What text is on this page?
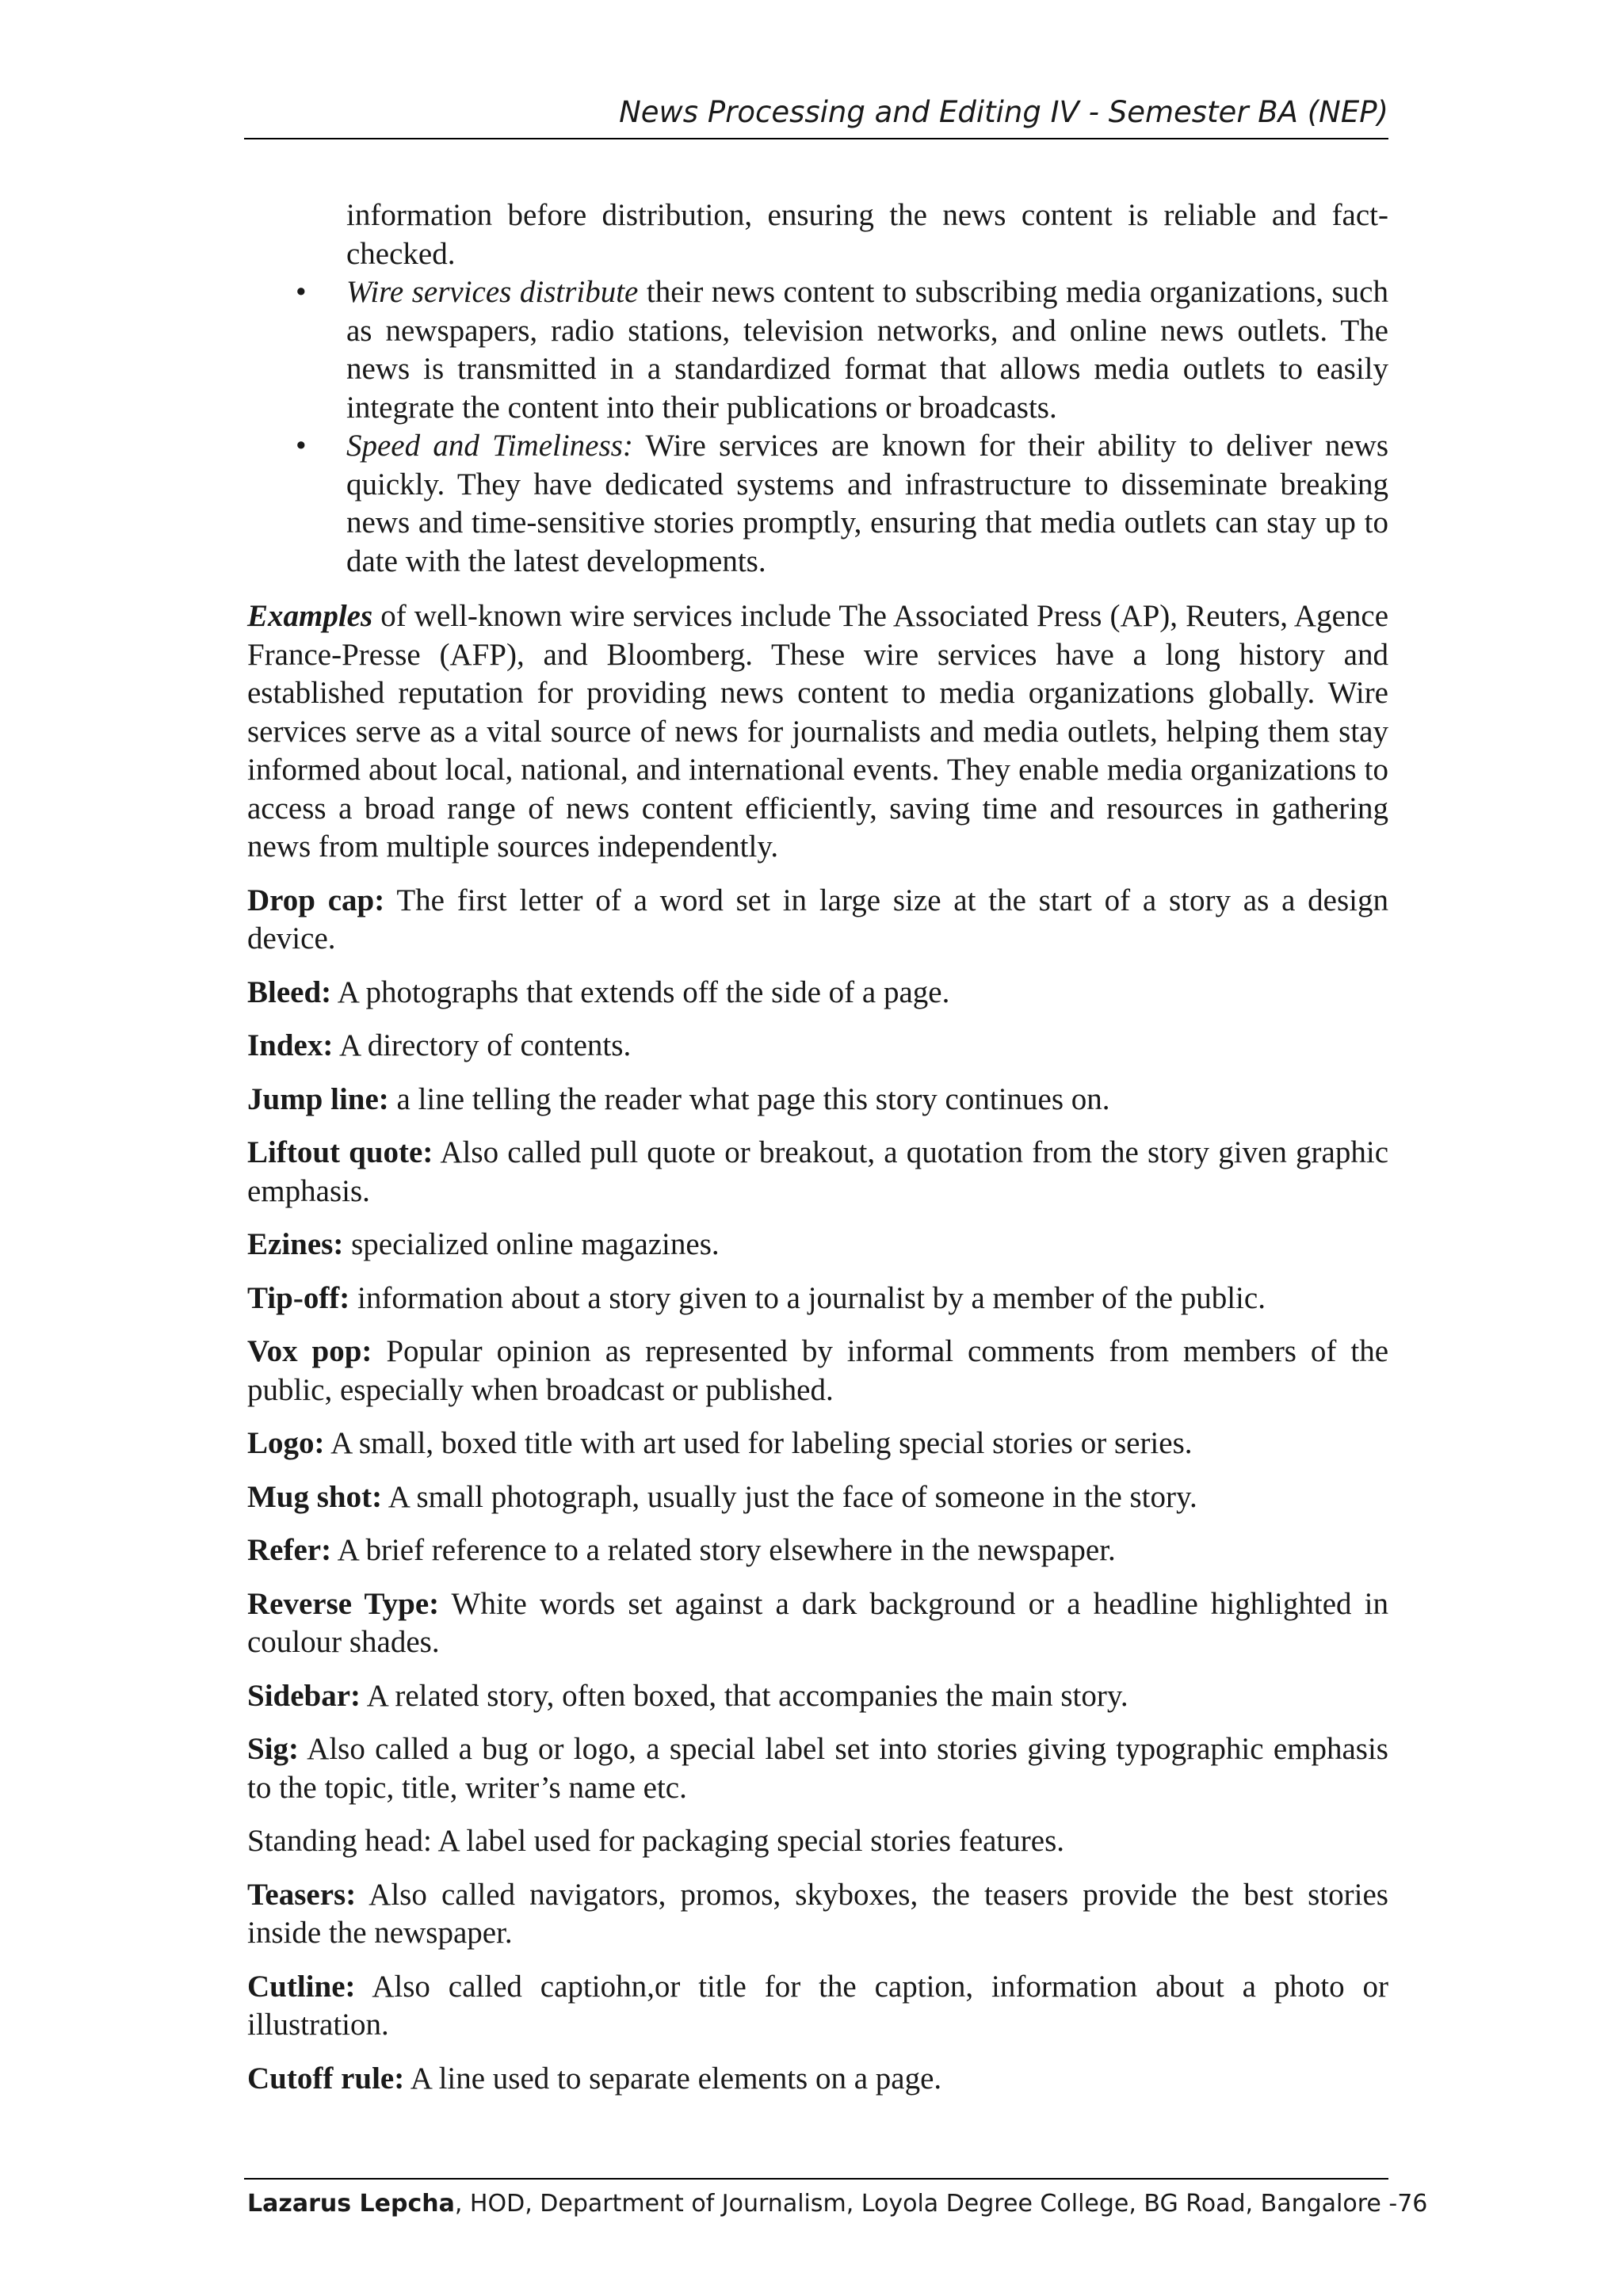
News Processing and Editing IV - Semester BA (NEP)

information before distribution, ensuring the news content is reliable and fact-checked.

• Wire services distribute their news content to subscribing media organizations, such as newspapers, radio stations, television networks, and online news outlets. The news is transmitted in a standardized format that allows media outlets to easily integrate the content into their publications or broadcasts.
• Speed and Timeliness: Wire services are known for their ability to deliver news quickly. They have dedicated systems and infrastructure to disseminate breaking news and time-sensitive stories promptly, ensuring that media outlets can stay up to date with the latest developments.

Examples of well-known wire services include The Associated Press (AP), Reuters, Agence France-Presse (AFP), and Bloomberg. These wire services have a long history and established reputation for providing news content to media organizations globally. Wire services serve as a vital source of news for journalists and media outlets, helping them stay informed about local, national, and international events. They enable media organizations to access a broad range of news content efficiently, saving time and resources in gathering news from multiple sources independently.

Drop cap: The first letter of a word set in large size at the start of a story as a design device.

Bleed: A photographs that extends off the side of a page.

Index: A directory of contents.

Jump line: a line telling the reader what page this story continues on.

Liftout quote: Also called pull quote or breakout, a quotation from the story given graphic emphasis.

Ezines: specialized online magazines.

Tip-off: information about a story given to a journalist by a member of the public.

Vox pop: Popular opinion as represented by informal comments from members of the public, especially when broadcast or published.

Logo: A small, boxed title with art used for labeling special stories or series.

Mug shot: A small photograph, usually just the face of someone in the story.

Refer: A brief reference to a related story elsewhere in the newspaper.

Reverse Type: White words set against a dark background or a headline highlighted in coulour shades.

Sidebar: A related story, often boxed, that accompanies the main story.

Sig: Also called a bug or logo, a special label set into stories giving typographic emphasis to the topic, title, writer’s name etc.

Standing head: A label used for packaging special stories features.

Teasers: Also called navigators, promos, skyboxes, the teasers provide the best stories inside the newspaper.

Cutline: Also called captiohn,or title for the caption, information about a photo or illustration.

Cutoff rule: A line used to separate elements on a page.

Lazarus Lepcha, HOD, Department of Journalism, Loyola Degree College, BG Road, Bangalore -76
